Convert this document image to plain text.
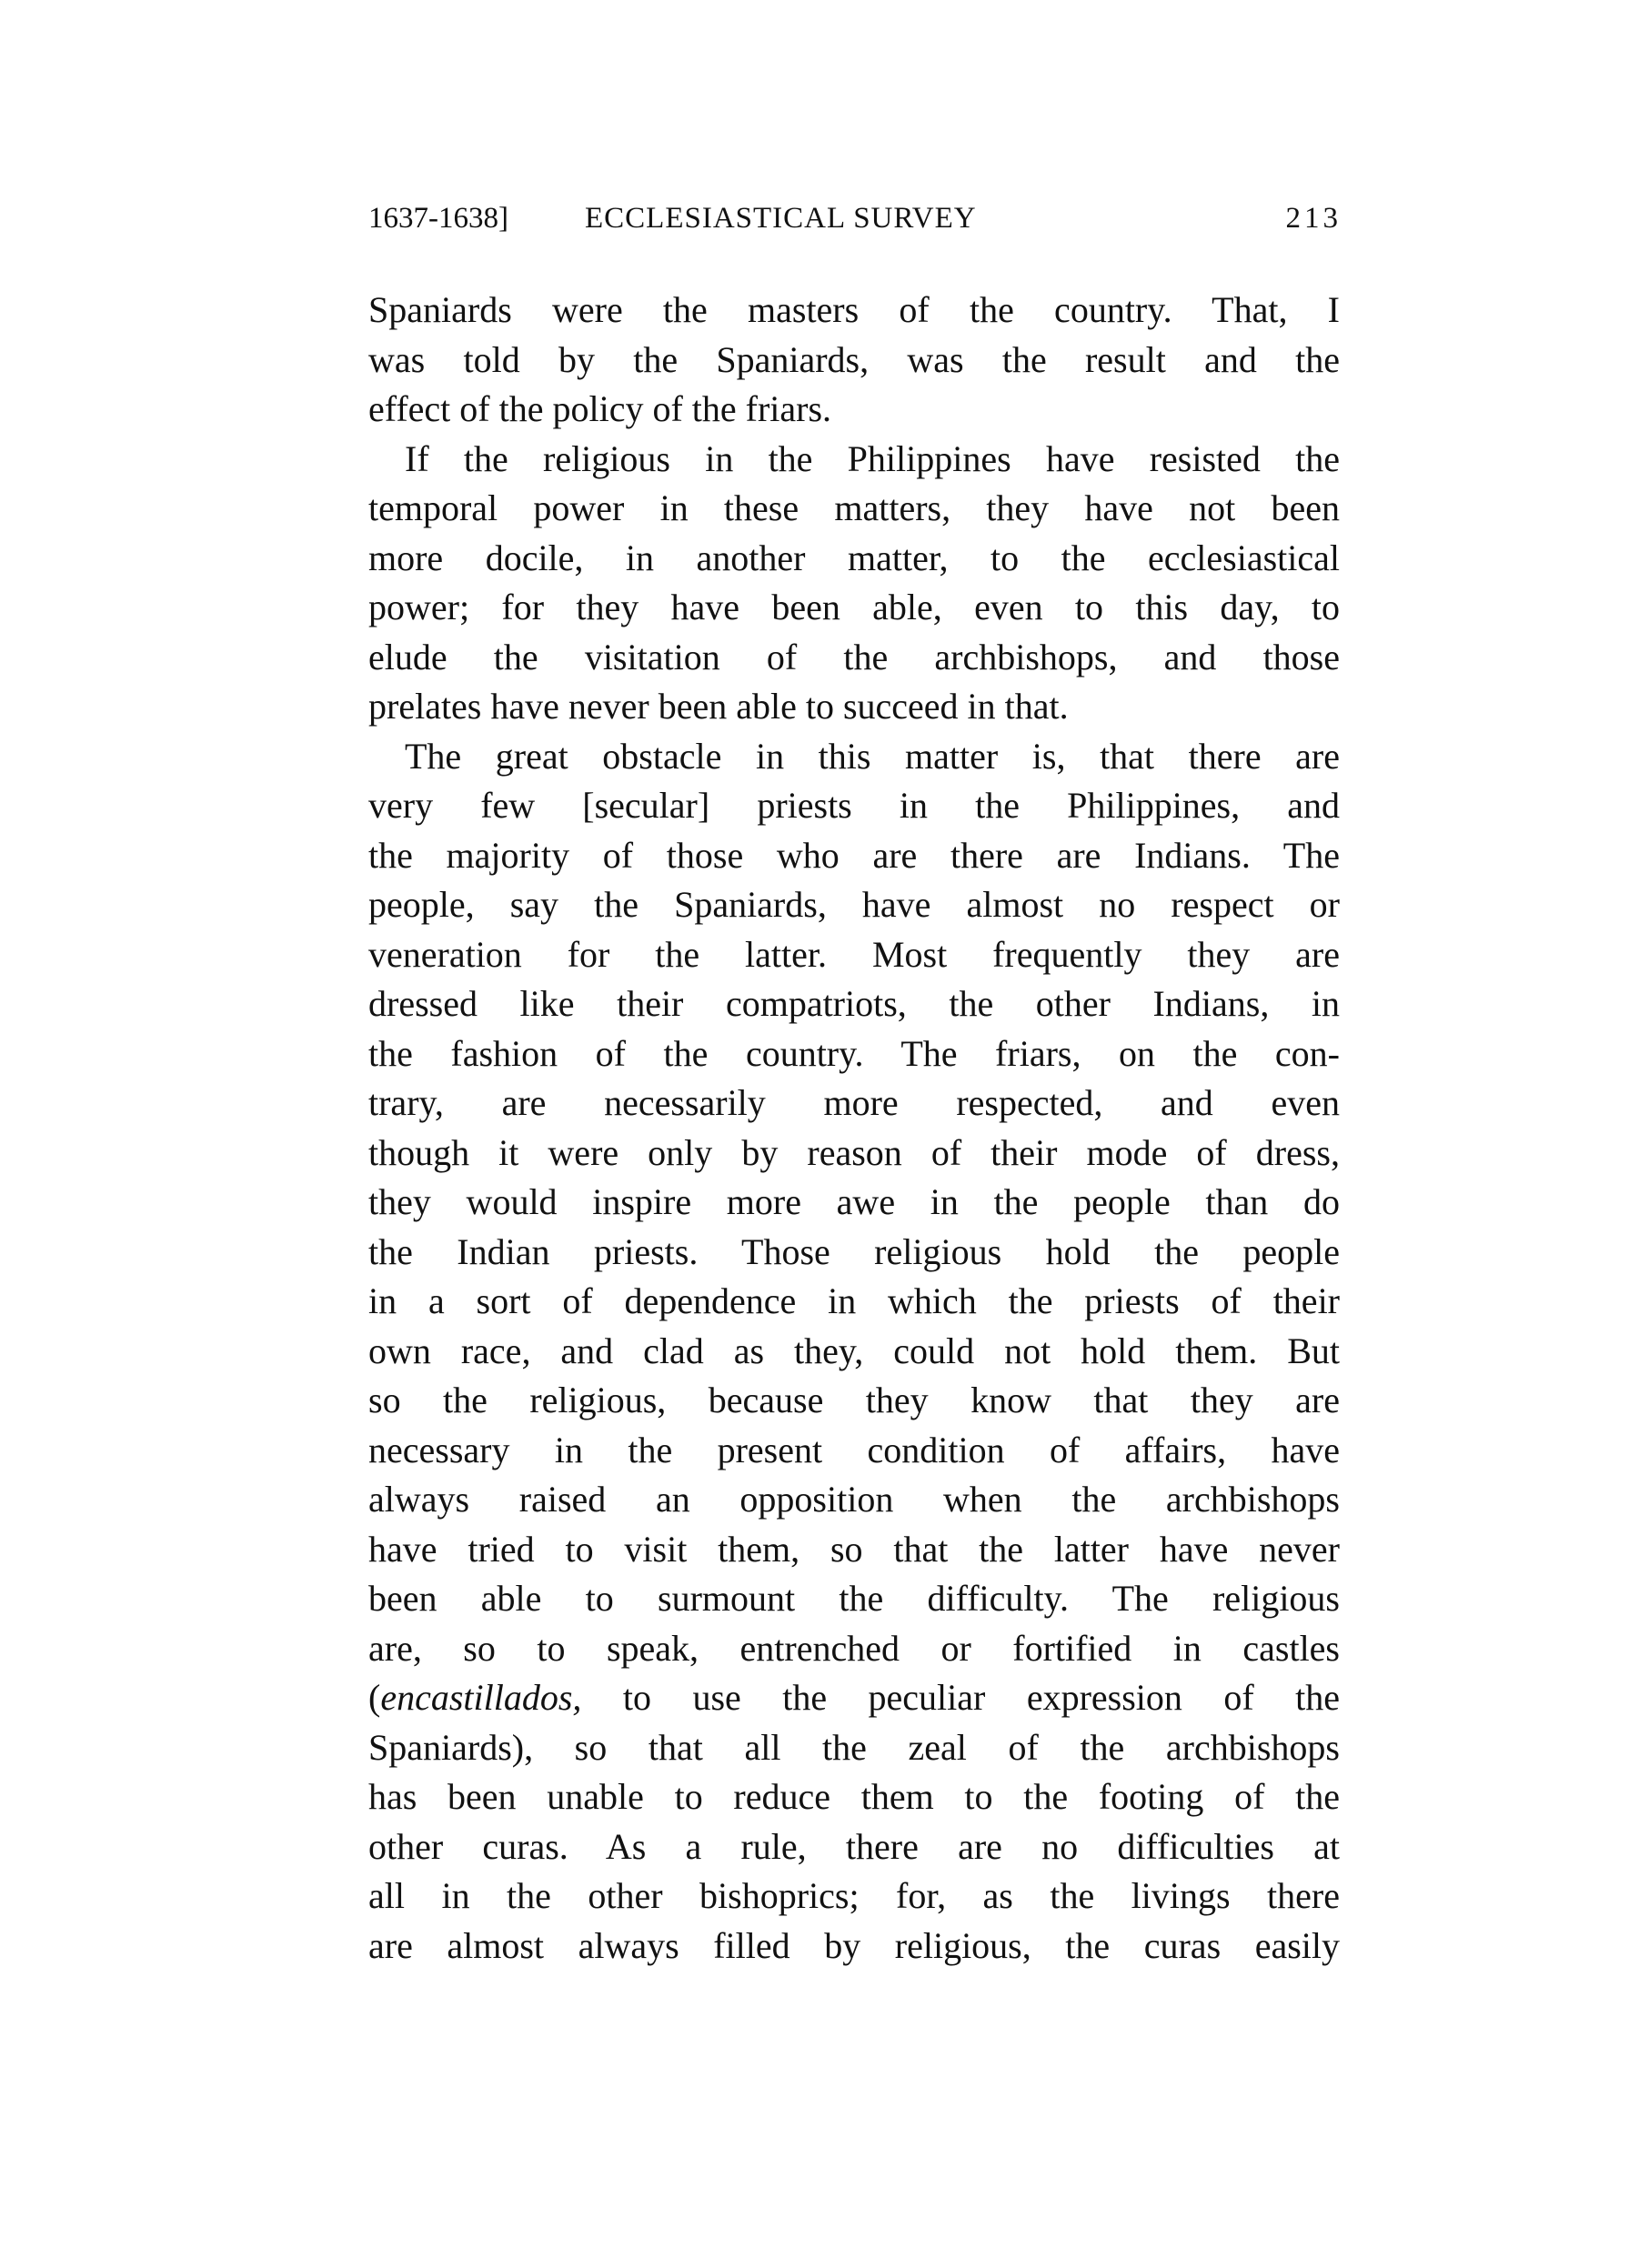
1637-1638]	ECCLESIASTICAL SURVEY	213
Spaniards were the masters of the country. That, I
was told by the Spaniards, was the result and the
effect of the policy of the friars.
If the religious in the Philippines have resisted the
temporal power in these matters, they have not been
more docile, in another matter, to the ecclesiastical
power; for they have been able, even to this day, to
elude the visitation of the archbishops, and those
prelates have never been able to succeed in that.
The great obstacle in this matter is, that there are
very few [secular] priests in the Philippines, and
the majority of those who are there are Indians. The
people, say the Spaniards, have almost no respect or
veneration for the latter. Most frequently they are
dressed like their compatriots, the other Indians, in
the fashion of the country. The friars, on the con-
trary, are necessarily more respected, and even
though it were only by reason of their mode of dress,
they would inspire more awe in the people than do
the Indian priests. Those religious hold the people
in a sort of dependence in which the priests of their
own race, and clad as they, could not hold them. But
so the religious, because they know that they are
necessary in the present condition of affairs, have
always raised an opposition when the archbishops
have tried to visit them, so that the latter have never
been able to surmount the difficulty. The religious
are, so to speak, entrenched or fortified in castles
(encastillados, to use the peculiar expression of the
Spaniards), so that all the zeal of the archbishops
has been unable to reduce them to the footing of the
other curas. As a rule, there are no difficulties at
all in the other bishoprics; for, as the livings there
are almost always filled by religious, the curas easily
